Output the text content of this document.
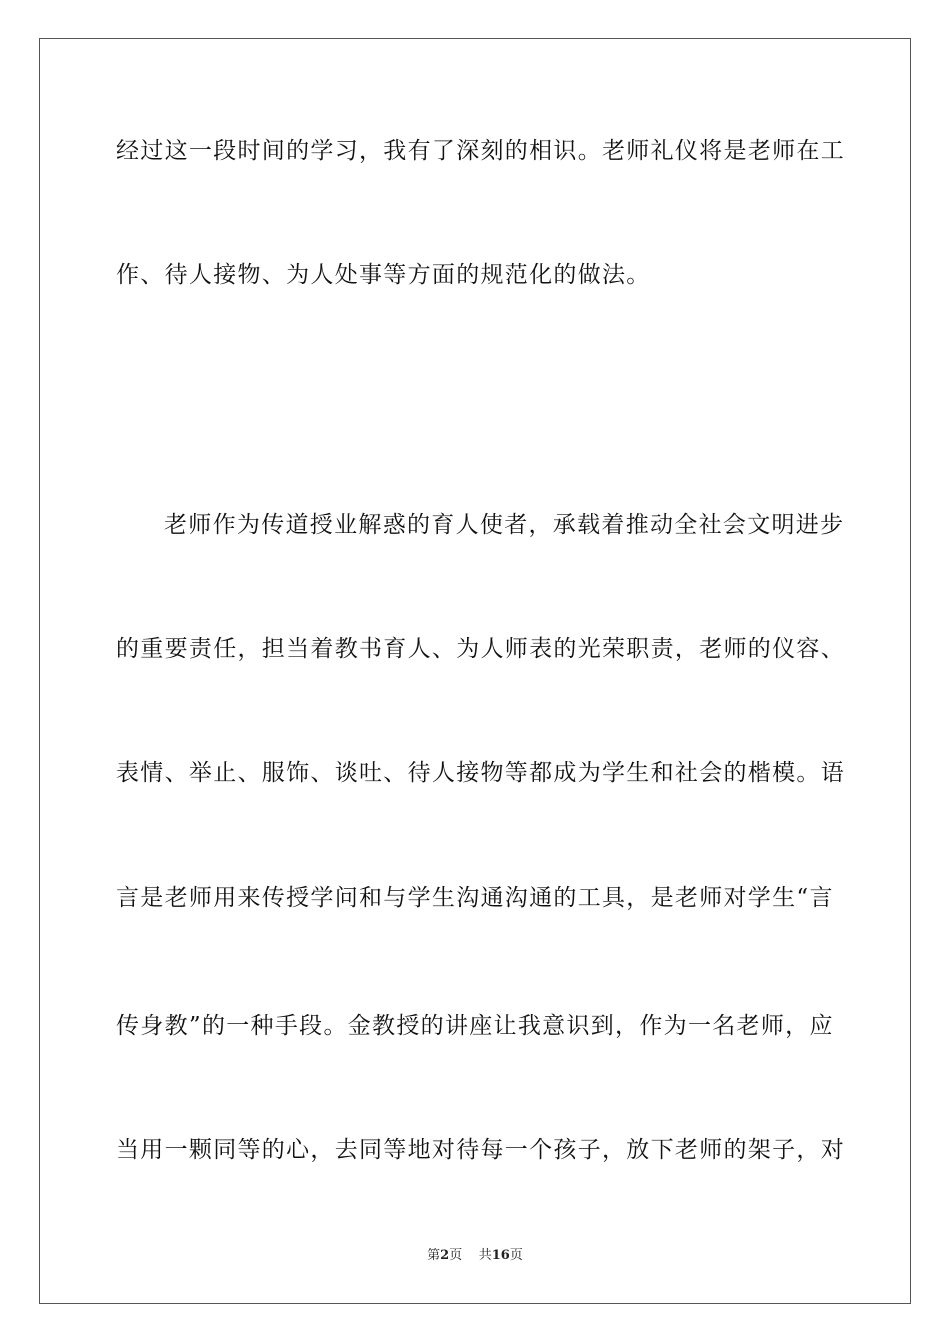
经过这一段时间的学习，我有了深刻的相识。老师礼仪将是老师在工
作、待人接物、为人处事等方面的规范化的做法。
老师作为传道授业解惑的育人使者，承载着推动全社会文明进步
的重要责任，担当着教书育人、为人师表的光荣职责，老师的仪容、
表情、举止、服饰、谈吐、待人接物等都成为学生和社会的楷模。语
言是老师用来传授学问和与学生沟通沟通的工具，是老师对学生“言
传身教”的一种手段。金教授的讲座让我意识到，作为一名老师，应
当用一颗同等的心，去同等地对待每一个孩子，放下老师的架子，对
第2页 共16页
